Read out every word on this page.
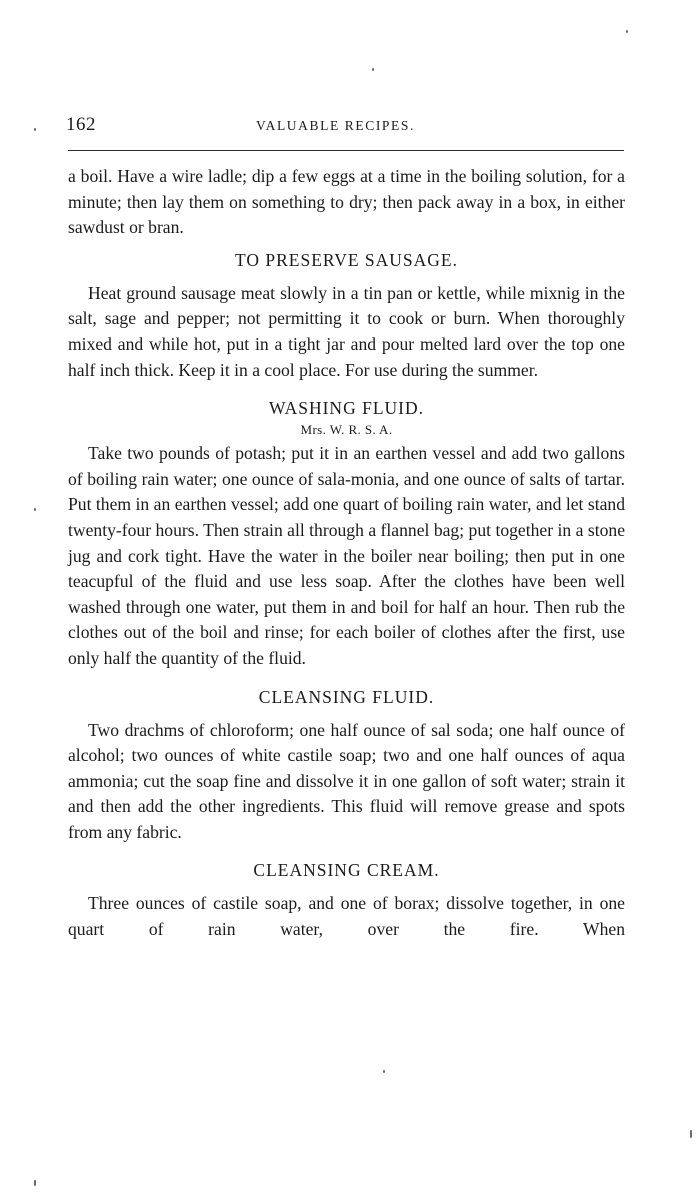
162	VALUABLE RECIPES.

a boil. Have a wire ladle; dip a few eggs at a time in the boiling solution, for a minute; then lay them on something to dry; then pack away in a box, in either sawdust or bran.

TO PRESERVE SAUSAGE.

Heat ground sausage meat slowly in a tin pan or kettle, while mixnig in the salt, sage and pepper; not permitting it to cook or burn. When thoroughly mixed and while hot, put in a tight jar and pour melted lard over the top one half inch thick. Keep it in a cool place. For use during the summer.

WASHING FLUID.
Mrs. W. R. S. A.

Take two pounds of potash; put it in an earthen vessel and add two gallons of boiling rain water; one ounce of sala-monia, and one ounce of salts of tartar. Put them in an earthen vessel; add one quart of boiling rain water, and let stand twenty-four hours. Then strain all through a flannel bag; put together in a stone jug and cork tight. Have the water in the boiler near boiling; then put in one teacupful of the fluid and use less soap. After the clothes have been well washed through one water, put them in and boil for half an hour. Then rub the clothes out of the boil and rinse; for each boiler of clothes after the first, use only half the quantity of the fluid.

CLEANSING FLUID.

Two drachms of chloroform; one half ounce of sal soda; one half ounce of alcohol; two ounces of white castile soap; two and one half ounces of aqua ammonia; cut the soap fine and dissolve it in one gallon of soft water; strain it and then add the other ingredients. This fluid will remove grease and spots from any fabric.

CLEANSING CREAM.

Three ounces of castile soap, and one of borax; dissolve together, in one quart of rain water, over the fire. When
